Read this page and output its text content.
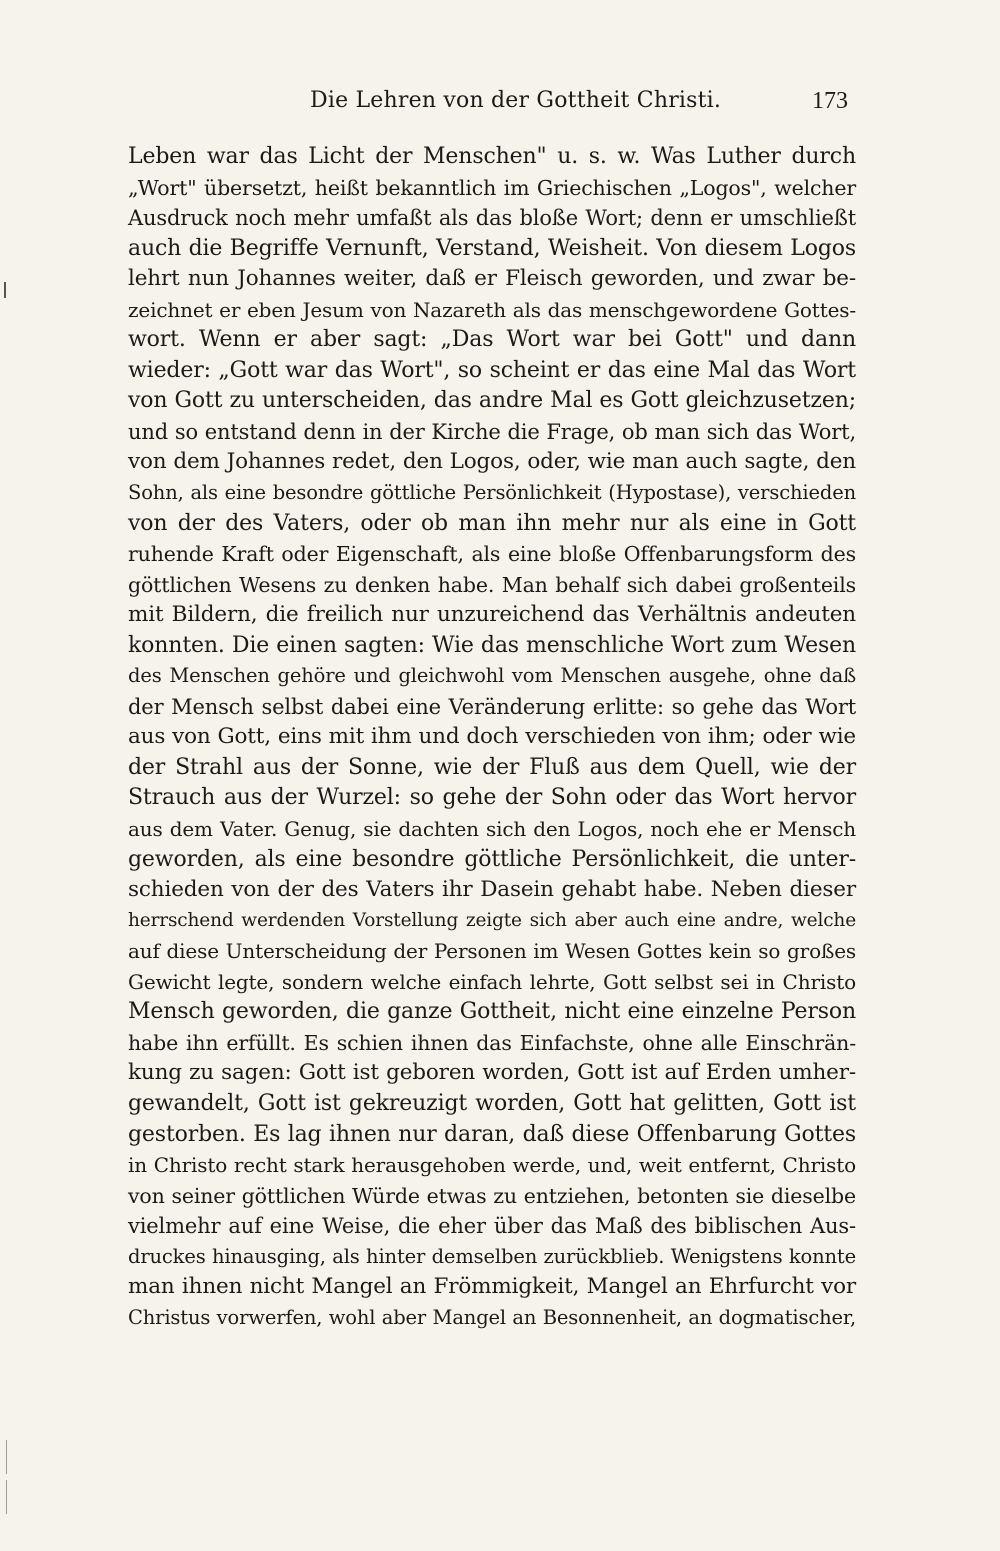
Die Lehren von der Gottheit Christi.	173
Leben war das Licht der Menschen" u. s. w. Was Luther durch
„Wort" übersetzt, heißt bekanntlich im Griechischen „Logos", welcher
Ausdruck noch mehr umfaßt als das bloße Wort; denn er umschließt
auch die Begriffe Vernunft, Verstand, Weisheit. Von diesem Logos
lehrt nun Johannes weiter, daß er Fleisch geworden, und zwar be-
zeichnet er eben Jesum von Nazareth als das menschgewordene Gottes-
wort. Wenn er aber sagt: „Das Wort war bei Gott" und dann
wieder: „Gott war das Wort", so scheint er das eine Mal das Wort
von Gott zu unterscheiden, das andre Mal es Gott gleichzusetzen;
und so entstand denn in der Kirche die Frage, ob man sich das Wort,
von dem Johannes redet, den Logos, oder, wie man auch sagte, den
Sohn, als eine besondre göttliche Persönlichkeit (Hypostase), verschieden
von der des Vaters, oder ob man ihn mehr nur als eine in Gott
ruhende Kraft oder Eigenschaft, als eine bloße Offenbarungsform des
göttlichen Wesens zu denken habe. Man behalf sich dabei großenteils
mit Bildern, die freilich nur unzureichend das Verhältnis andeuten
konnten. Die einen sagten: Wie das menschliche Wort zum Wesen
des Menschen gehöre und gleichwohl vom Menschen ausgehe, ohne daß
der Mensch selbst dabei eine Veränderung erlitte: so gehe das Wort
aus von Gott, eins mit ihm und doch verschieden von ihm; oder wie
der Strahl aus der Sonne, wie der Fluß aus dem Quell, wie der
Strauch aus der Wurzel: so gehe der Sohn oder das Wort hervor
aus dem Vater. Genug, sie dachten sich den Logos, noch ehe er Mensch
geworden, als eine besondre göttliche Persönlichkeit, die unter-
schieden von der des Vaters ihr Dasein gehabt habe. Neben dieser
herrschend werdenden Vorstellung zeigte sich aber auch eine andre, welche
auf diese Unterscheidung der Personen im Wesen Gottes kein so großes
Gewicht legte, sondern welche einfach lehrte, Gott selbst sei in Christo
Mensch geworden, die ganze Gottheit, nicht eine einzelne Person
habe ihn erfüllt. Es schien ihnen das Einfachste, ohne alle Einschrän-
kung zu sagen: Gott ist geboren worden, Gott ist auf Erden umher-
gewandelt, Gott ist gekreuzigt worden, Gott hat gelitten, Gott ist
gestorben. Es lag ihnen nur daran, daß diese Offenbarung Gottes
in Christo recht stark herausgehoben werde, und, weit entfernt, Christo
von seiner göttlichen Würde etwas zu entziehen, betonten sie dieselbe
vielmehr auf eine Weise, die eher über das Maß des biblischen Aus-
druckes hinausging, als hinter demselben zurückblieb. Wenigstens konnte
man ihnen nicht Mangel an Frömmigkeit, Mangel an Ehrfurcht vor
Christus vorwerfen, wohl aber Mangel an Besonnenheit, an dogmatischer,
